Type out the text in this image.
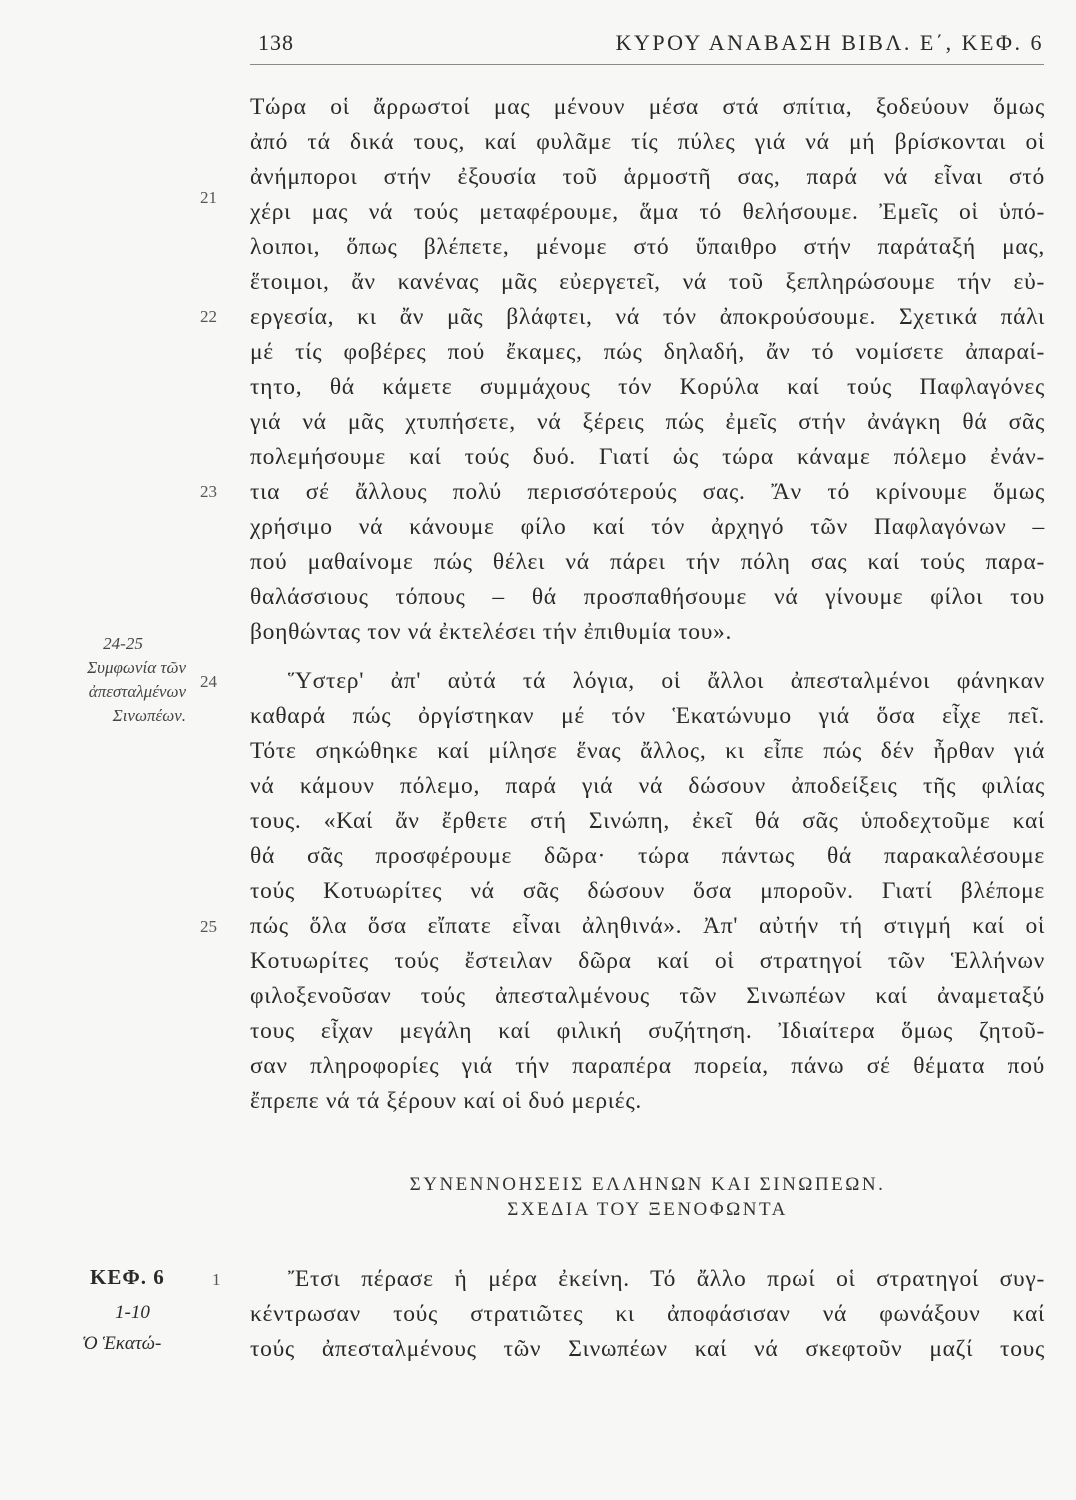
138	ΚΥΡΟΥ ΑΝΑΒΑΣΗ ΒΙΒΛ. Ε΄, ΚΕΦ. 6
Τώρα οἱ ἄρρωστοί μας μένουν μέσα στά σπίτια, ξοδεύουν ὅμως
ἀπό τά δικά τους, καί φυλᾶμε τίς πύλες γιά νά μή βρίσκονται οἱ
ἀνήμποροι στήν ἐξουσία τοῦ ἁρμοστῆ σας, παρά νά εἶναι στό
χέρι μας νά τούς μεταφέρουμε, ἅμα τό θελήσουμε. Ἐμεῖς οἱ ὑπό-
λοιποι, ὅπως βλέπετε, μένομε στό ὕπαιθρο στήν παράταξή μας,
ἕτοιμοι, ἄν κανένας μᾶς εὐεργετεῖ, νά τοῦ ξεπληρώσουμε τήν εὐ-
εργεσία, κι ἄν μᾶς βλάφτει, νά τόν ἀποκρούσουμε. Σχετικά πάλι
μέ τίς φοβέρες πού ἔκαμες, πώς δηλαδή, ἄν τό νομίσετε ἀπαραί-
τητο, θά κάμετε συμμάχους τόν Κορύλα καί τούς Παφλαγόνες
γιά νά μᾶς χτυπήσετε, νά ξέρεις πώς ἐμεῖς στήν ἀνάγκη θά σᾶς
πολεμήσουμε καί τούς δυό. Γιατί ὡς τώρα κάναμε πόλεμο ἐνάν-
τια σέ ἄλλους πολύ περισσότερούς σας. Ἄν τό κρίνουμε ὅμως
χρήσιμο νά κάνουμε φίλο καί τόν ἀρχηγό τῶν Παφλαγόνων –
πού μαθαίνομε πώς θέλει νά πάρει τήν πόλη σας καί τούς παρα-
θαλάσσιους τόπους – θά προσπαθήσουμε νά γίνουμε φίλοι του
βοηθώντας τον νά ἐκτελέσει τήν ἐπιθυμία του».
21
22
23
24-25
Συμφωνία τῶν
ἀπεσταλμένων
Σινωπέων.
Ὕστερ' ἀπ' αὐτά τά λόγια, οἱ ἄλλοι ἀπεσταλμένοι φάνηκαν
καθαρά πώς ὀργίστηκαν μέ τόν Ἑκατώνυμο γιά ὅσα εἶχε πεῖ.
Τότε σηκώθηκε καί μίλησε ἕνας ἄλλος, κι εἶπε πώς δέν ἦρθαν γιά
νά κάμουν πόλεμο, παρά γιά νά δώσουν ἀποδείξεις τῆς φιλίας
τους. «Καί ἄν ἔρθετε στή Σινώπη, ἐκεῖ θά σᾶς ὑποδεχτοῦμε καί
θά σᾶς προσφέρουμε δῶρα· τώρα πάντως θά παρακαλέσουμε
τούς Κοτυωρίτες νά σᾶς δώσουν ὅσα μποροῦν. Γιατί βλέπομε
πώς ὅλα ὅσα εἴπατε εἶναι ἀληθινά». Ἀπ' αὐτήν τή στιγμή καί οἱ
Κοτυωρίτες τούς ἔστειλαν δῶρα καί οἱ στρατηγοί τῶν Ἑλλήνων
φιλοξενοῦσαν τούς ἀπεσταλμένους τῶν Σινωπέων καί ἀναμεταξύ
τους εἶχαν μεγάλη καί φιλική συζήτηση. Ἰδιαίτερα ὅμως ζητοῦ-
σαν πληροφορίες γιά τήν παραπέρα πορεία, πάνω σέ θέματα πού
ἔπρεπε νά τά ξέρουν καί οἱ δυό μεριές.
24
25
ΣΥΝΕΝΝΟΗΣΕΙΣ ΕΛΛΗΝΩΝ ΚΑΙ ΣΙΝΩΠΕΩΝ.
ΣΧΕΔΙΑ ΤΟΥ ΞΕΝΟΦΩΝΤΑ
ΚΕΦ. 6
1-10
Ὁ Ἑκατώ-
1	Ἔτσι πέρασε ἡ μέρα ἐκείνη. Τό ἄλλο πρωί οἱ στρατηγοί συγ-
κέντρωσαν τούς στρατιῶτες κι ἀποφάσισαν νά φωνάξουν καί
τούς ἀπεσταλμένους τῶν Σινωπέων καί νά σκεφτοῦν μαζί τους
